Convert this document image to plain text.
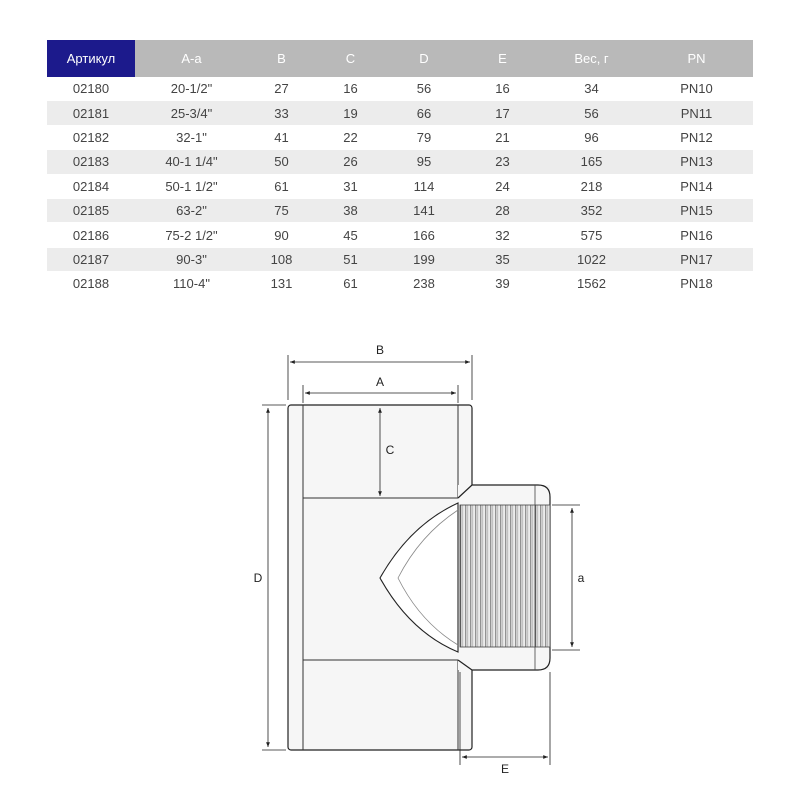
Артикул	A-a	B	C	D	E	Вес, г	PN
02180	20-1/2"	27	16	56	16	34	PN10
02181	25-3/4"	33	19	66	17	56	PN11
02182	32-1"	41	22	79	21	96	PN12
02183	40-1 1/4"	50	26	95	23	165	PN13
02184	50-1 1/2"	61	31	114	24	218	PN14
02185	63-2"	75	38	141	28	352	PN15
02186	75-2 1/2"	90	45	166	32	575	PN16
02187	90-3"	108	51	199	35	1022	PN17
02188	110-4"	131	61	238	39	1562	PN18
B
A
C
D	a
E
